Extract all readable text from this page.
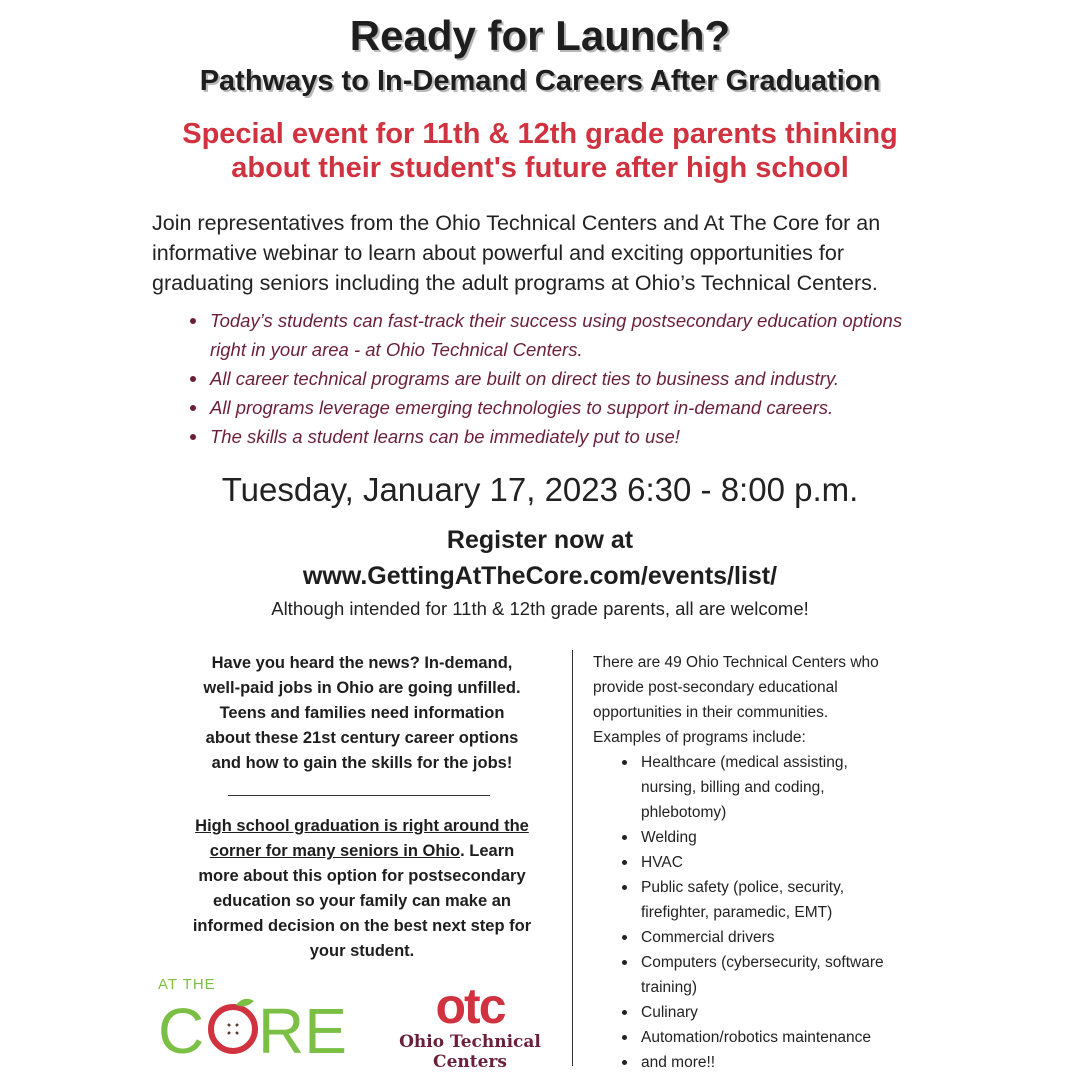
Ready for Launch?
Pathways to In-Demand Careers After Graduation
Special event for 11th & 12th grade parents thinking
about their student's future after high school
Join representatives from the Ohio Technical Centers and At The Core for an
informative webinar to learn about powerful and exciting opportunities for
graduating seniors including the adult programs at Ohio’s Technical Centers.
Today’s students can fast-track their success using postsecondary education options
right in your area - at Ohio Technical Centers.
All career technical programs are built on direct ties to business and industry.
All programs leverage emerging technologies to support in-demand careers.
The skills a student learns can be immediately put to use!
Tuesday, January 17, 2023 6:30 - 8:00 p.m.
Register now at
www.GettingAtTheCore.com/events/list/
Although intended for 11th & 12th grade parents, all are welcome!
Have you heard the news? In-demand,
well-paid jobs in Ohio are going unfilled.
Teens and families need information
about these 21st century career options
and how to gain the skills for the jobs!
High school graduation is right around the
corner for many seniors in Ohio. Learn
more about this option for postsecondary
education so your family can make an
informed decision on the best next step for
your student.
There are 49 Ohio Technical Centers who
provide post-secondary educational
opportunities in their communities.
Examples of programs include:
Healthcare (medical assisting,
nursing, billing and coding,
phlebotomy)
Welding
HVAC
Public safety (police, security,
firefighter, paramedic, EMT)
Commercial drivers
Computers (cybersecurity, software
training)
Culinary
Automation/robotics maintenance
and more!!
AT THE
C RE	otc
Ohio Technical
Centers
